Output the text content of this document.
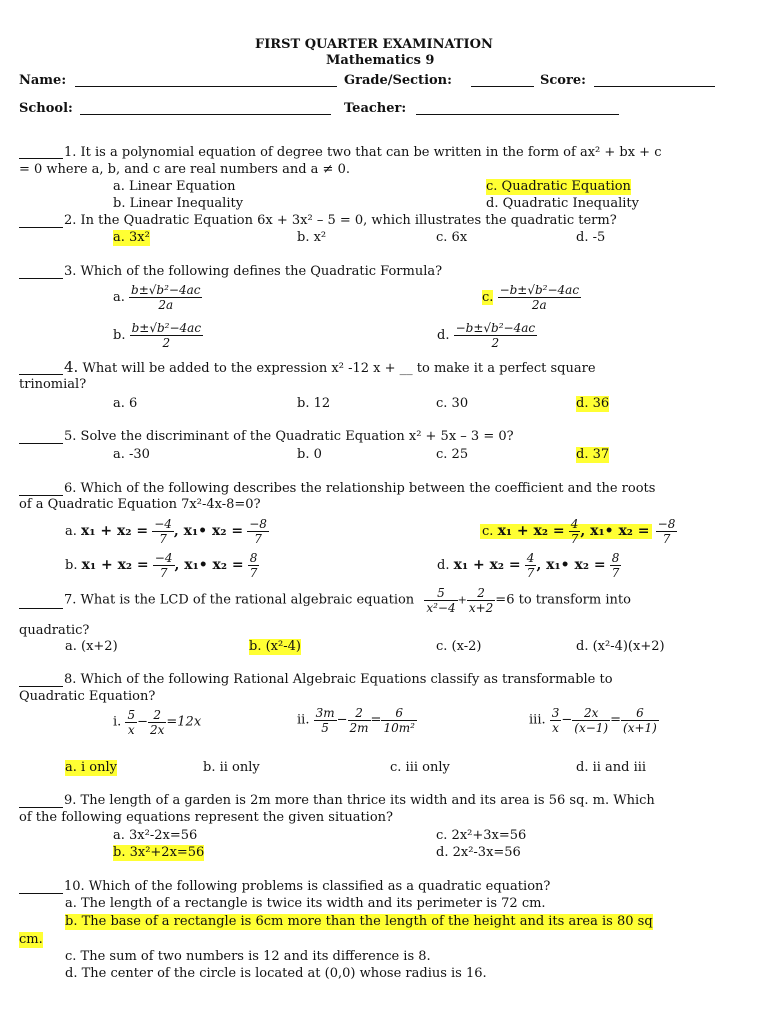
FIRST QUARTER EXAMINATION
Mathematics 9
Name:	Grade/Section:	Score:
School:	Teacher:
1. It is a polynomial equation of degree two that can be written in the form of ax² + bx + c
= 0 where a, b, and c are real numbers and a ≠ 0.
a. Linear Equation	c. Quadratic Equation
b. Linear Inequality	d. Quadratic Inequality
2. In the Quadratic Equation 6x + 3x² – 5 = 0, which illustrates the quadratic term?
a. 3x²	b. x²	c. 6x	d. -5
3. Which of the following defines the Quadratic Formula?
a. $\frac{\text{b±√b²−4ac}}{2a}$	c. $\frac{\text{−b±√b²−4ac}}{2a}$
b. $\frac{\text{b±√b²−4ac}}{2}$	d. $\frac{\text{−b±√b²−4ac}}{2}$
4. What will be added to the expression x² -12 x + __ to make it a perfect square
trinomial?
a. 6	b. 12	c. 30	d. 36
5. Solve the discriminant of the Quadratic Equation x² + 5x – 3 = 0?
a. -30	b. 0	c. 25	d. 37
6. Which of the following describes the relationship between the coefficient and the roots
of a Quadratic Equation 7x²-4x-8=0?
a. $x_1 + x_2 = \frac{-4}{7}$ , x₁• $x_2 = \frac{-8}{7}$	c. $x_1 + x_2 = \frac{4}{7}$ , x₁• $x_2 = \frac{-8}{7}$
b. $x_1 + x_2 = \frac{-4}{7}$ , x₁• $x_2 = \frac{8}{7}$	d. $x_1 + x_2 = \frac{4}{7}$ , x₁• $x_2 = \frac{8}{7}$
7. What is the LCD of the rational algebraic equation $\frac{5}{\text{x²−4}} + \frac{2}{x+2} =6$ to transform into
quadratic?
a. (x+2)	b. (x²-4)	c. (x-2)	d. (x²-4)(x+2)
8. Which of the following Rational Algebraic Equations classify as transformable to
Quadratic Equation?
i. $\frac{5}{x} - \frac{2}{2x} =12x$	ii. $\frac{3m}{5} - \frac{2}{2m} = \frac{6}{\text{10m²}}$	iii. $\frac{3}{x} - \frac{2x}{(x-1)} = \frac{6}{(x+1)}$
a. i only	b. ii only	c. iii only	d. ii and iii
9. The length of a garden is 2m more than thrice its width and its area is 56 sq. m. Which
of the following equations represent the given situation?
a. 3x²-2x=56	c. 2x²+3x=56
b. 3x²+2x=56	d. 2x²-3x=56
10. Which of the following problems is classified as a quadratic equation?
a. The length of a rectangle is twice its width and its perimeter is 72 cm.
b. The base of a rectangle is 6cm more than the length of the height and its area is 80 sq
cm.
c. The sum of two numbers is 12 and its difference is 8.
d. The center of the circle is located at (0,0) whose radius is 16.
